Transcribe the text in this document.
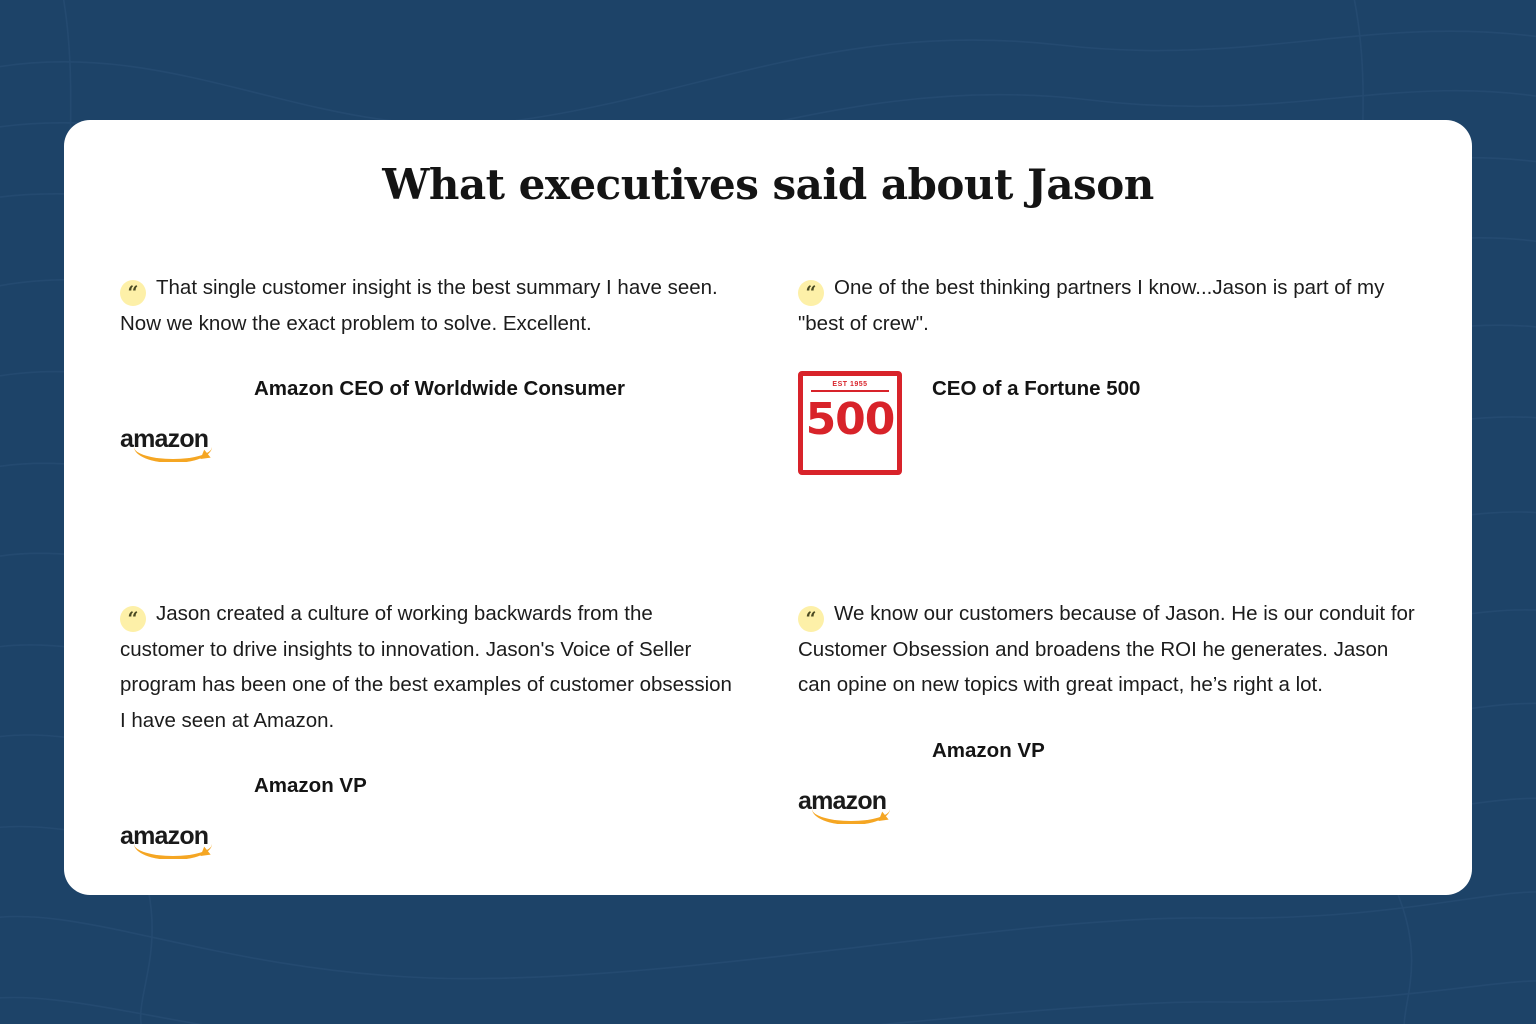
What executives said about Jason
“ That single customer insight is the best summary I have seen. Now we know the exact problem to solve. Excellent.
amazon
Amazon CEO of Worldwide Consumer
“ One of the best thinking partners I know...Jason is part of my "best of crew".
EST 1955
500
CEO of a Fortune 500
“ Jason created a culture of working backwards from the customer to drive insights to innovation. Jason's Voice of Seller program has been one of the best examples of customer obsession I have seen at Amazon.
amazon
Amazon VP
“ We know our customers because of Jason. He is our conduit for Customer Obsession and broadens the ROI he generates. Jason can opine on new topics with great impact, he’s right a lot.
amazon
Amazon VP
